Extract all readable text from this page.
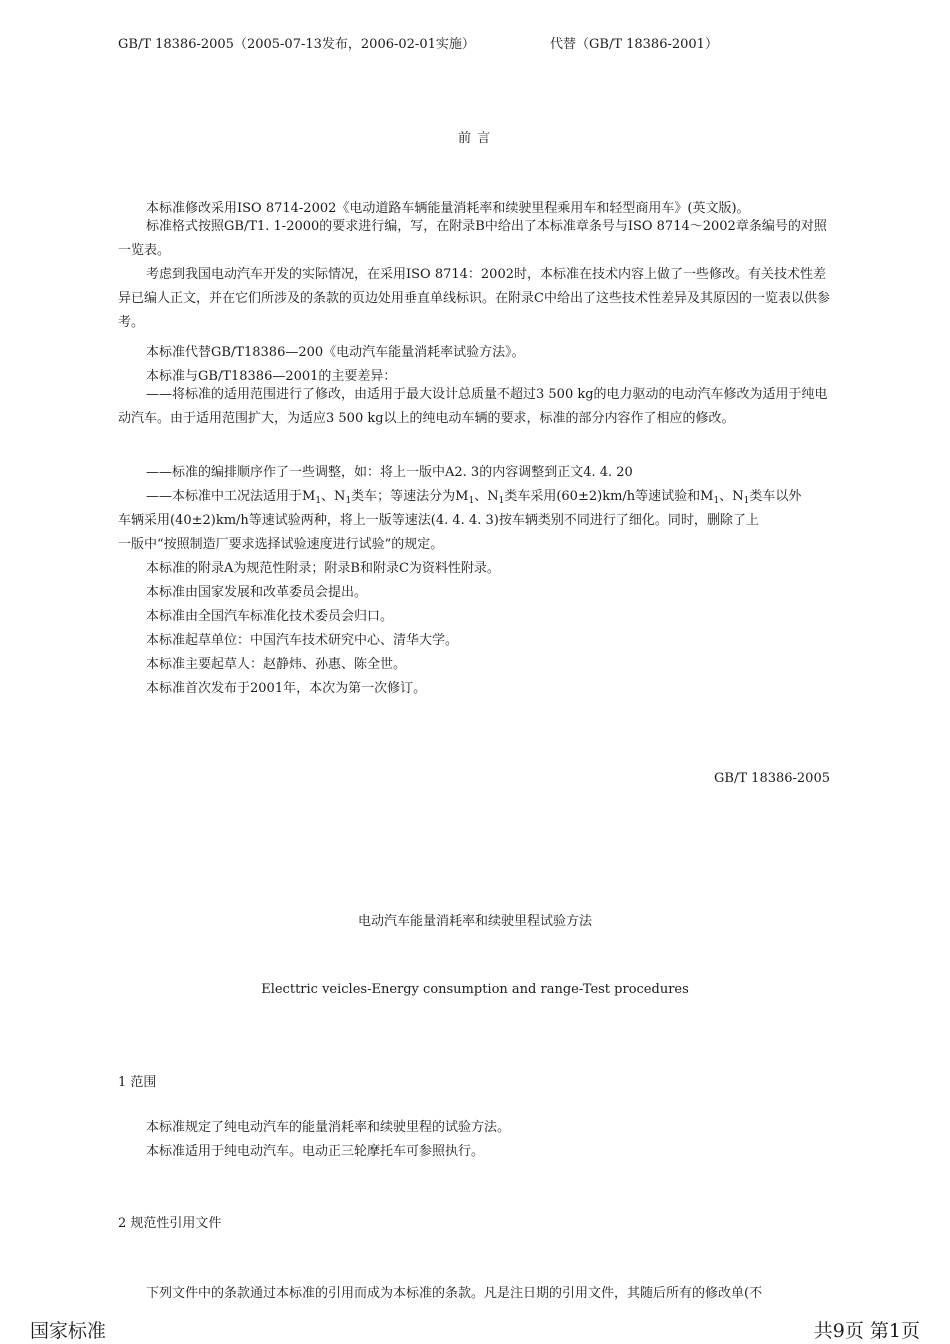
GB/T 18386-2005（2005-07-13发布，2006-02-01实施）	代替（GB/T 18386-2001）
前 言
本标准修改采用ISO 8714-2002《电动道路车辆能量消耗率和续驶里程乘用车和轻型商用车》(英文版)。
标准格式按照GB/T1. 1-2000的要求进行编，写，在附录B中给出了本标准章条号与ISO 8714～2002章条编号的对照一览表。
考虑到我国电动汽车开发的实际情况，在采用ISO 8714：2002时，本标准在技术内容上做了一些修改。有关技术性差异已编人正文，并在它们所涉及的条款的页边处用垂直单线标识。在附录C中给出了这些技术性差异及其原因的一览表以供参考。
本标准代替GB/T18386—200《电动汽车能量消耗率试验方法》。
本标准与GB/T18386—2001的主要差异：
——将标准的适用范围进行了修改，由适用于最大设计总质量不超过3 500 kg的电力驱动的电动汽车修改为适用于纯电动汽车。由于适用范围扩大，为适应3 500 kg以上的纯电动车辆的要求，标准的部分内容作了相应的修改。
——标准的编排顺序作了一些调整，如：将上一版中A2. 3的内容调整到正文4. 4. 20
——本标准中工况法适用于$M_1$、$N_1$类车；等速法分为$M_1$、$N_1$类车采用(60±2)km/h等速试验和$M_1$、$N_1$类车以外
车辆采用(40±2)km/h等速试验两种，将上一版等速法(4. 4. 4. 3)按车辆类别不同进行了细化。同时，删除了上
一版中“按照制造厂要求选择试验速度进行试验”的规定。
本标准的附录A为规范性附录；附录B和附录C为资料性附录。
本标准由国家发展和改革委员会提出。
本标准由全国汽车标准化技术委员会归口。
本标准起草单位：中国汽车技术研究中心、清华大学。
本标准主要起草人：赵静炜、孙惠、陈全世。
本标准首次发布于2001年，本次为第一次修订。
GB/T 18386-2005
电动汽车能量消耗率和续驶里程试验方法
Electtric veicles-Energy consumption and range-Test procedures
1 范围
本标准规定了纯电动汽车的能量消耗率和续驶里程的试验方法。
本标准适用于纯电动汽车。电动正三轮摩托车可参照执行。
2 规范性引用文件
下列文件中的条款通过本标准的引用而成为本标准的条款。凡是注日期的引用文件，其随后所有的修改单(不
国家标准	共9页 第1页
